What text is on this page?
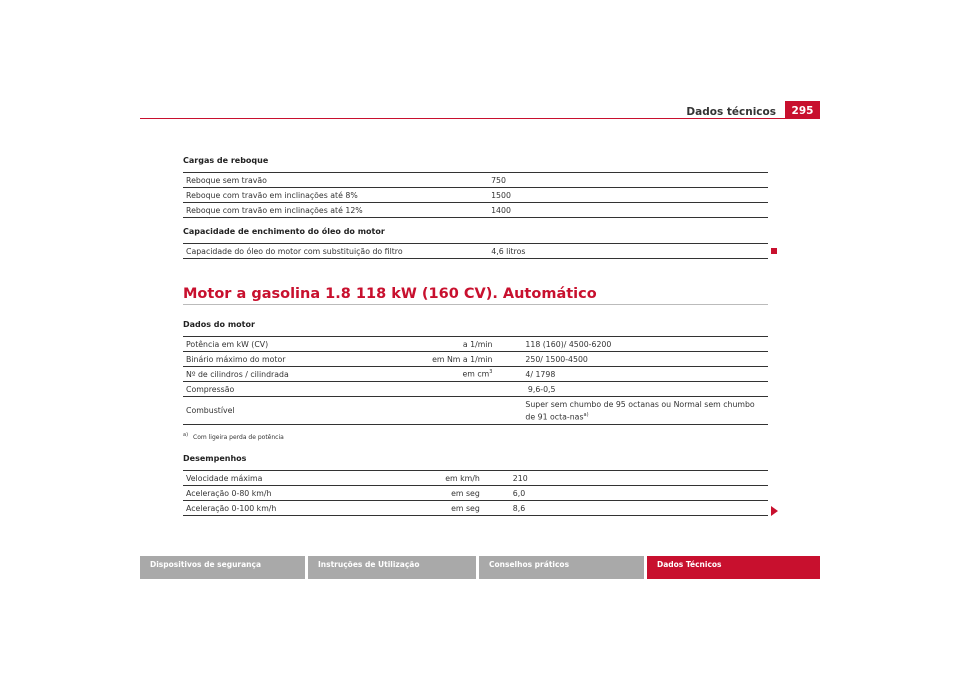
Dados técnicos	295
Cargas de reboque
Reboque sem travão	750
Reboque com travão em inclinações até 8%	1500
Reboque com travão em inclinações até 12%	1400
Capacidade de enchimento do óleo do motor
Capacidade do óleo do motor com substituição do filtro	4,6 litros
Motor a gasolina 1.8 118 kW (160 CV). Automático
Dados do motor
Potência em kW (CV)	a 1/min	118 (160)/ 4500-6200
Binário máximo do motor	em Nm a 1/min	250/ 1500-4500
Nº de cilindros / cilindrada	em $cm^3$	4/ 1798
Compressão		9,6-0,5
Combustível		Super sem chumbo de 95 octanas ou Normal sem chumbo de 91 octa-nas$^{a)}$
$^{a)}$ Com ligeira perda de potência
Desempenhos
Velocidade máxima	em km/h	210
Aceleração 0-80 km/h	em seg	6,0
Aceleração 0-100 km/h	em seg	8,6
Dispositivos de segurança	Instruções de Utilização	Conselhos práticos	Dados Técnicos
